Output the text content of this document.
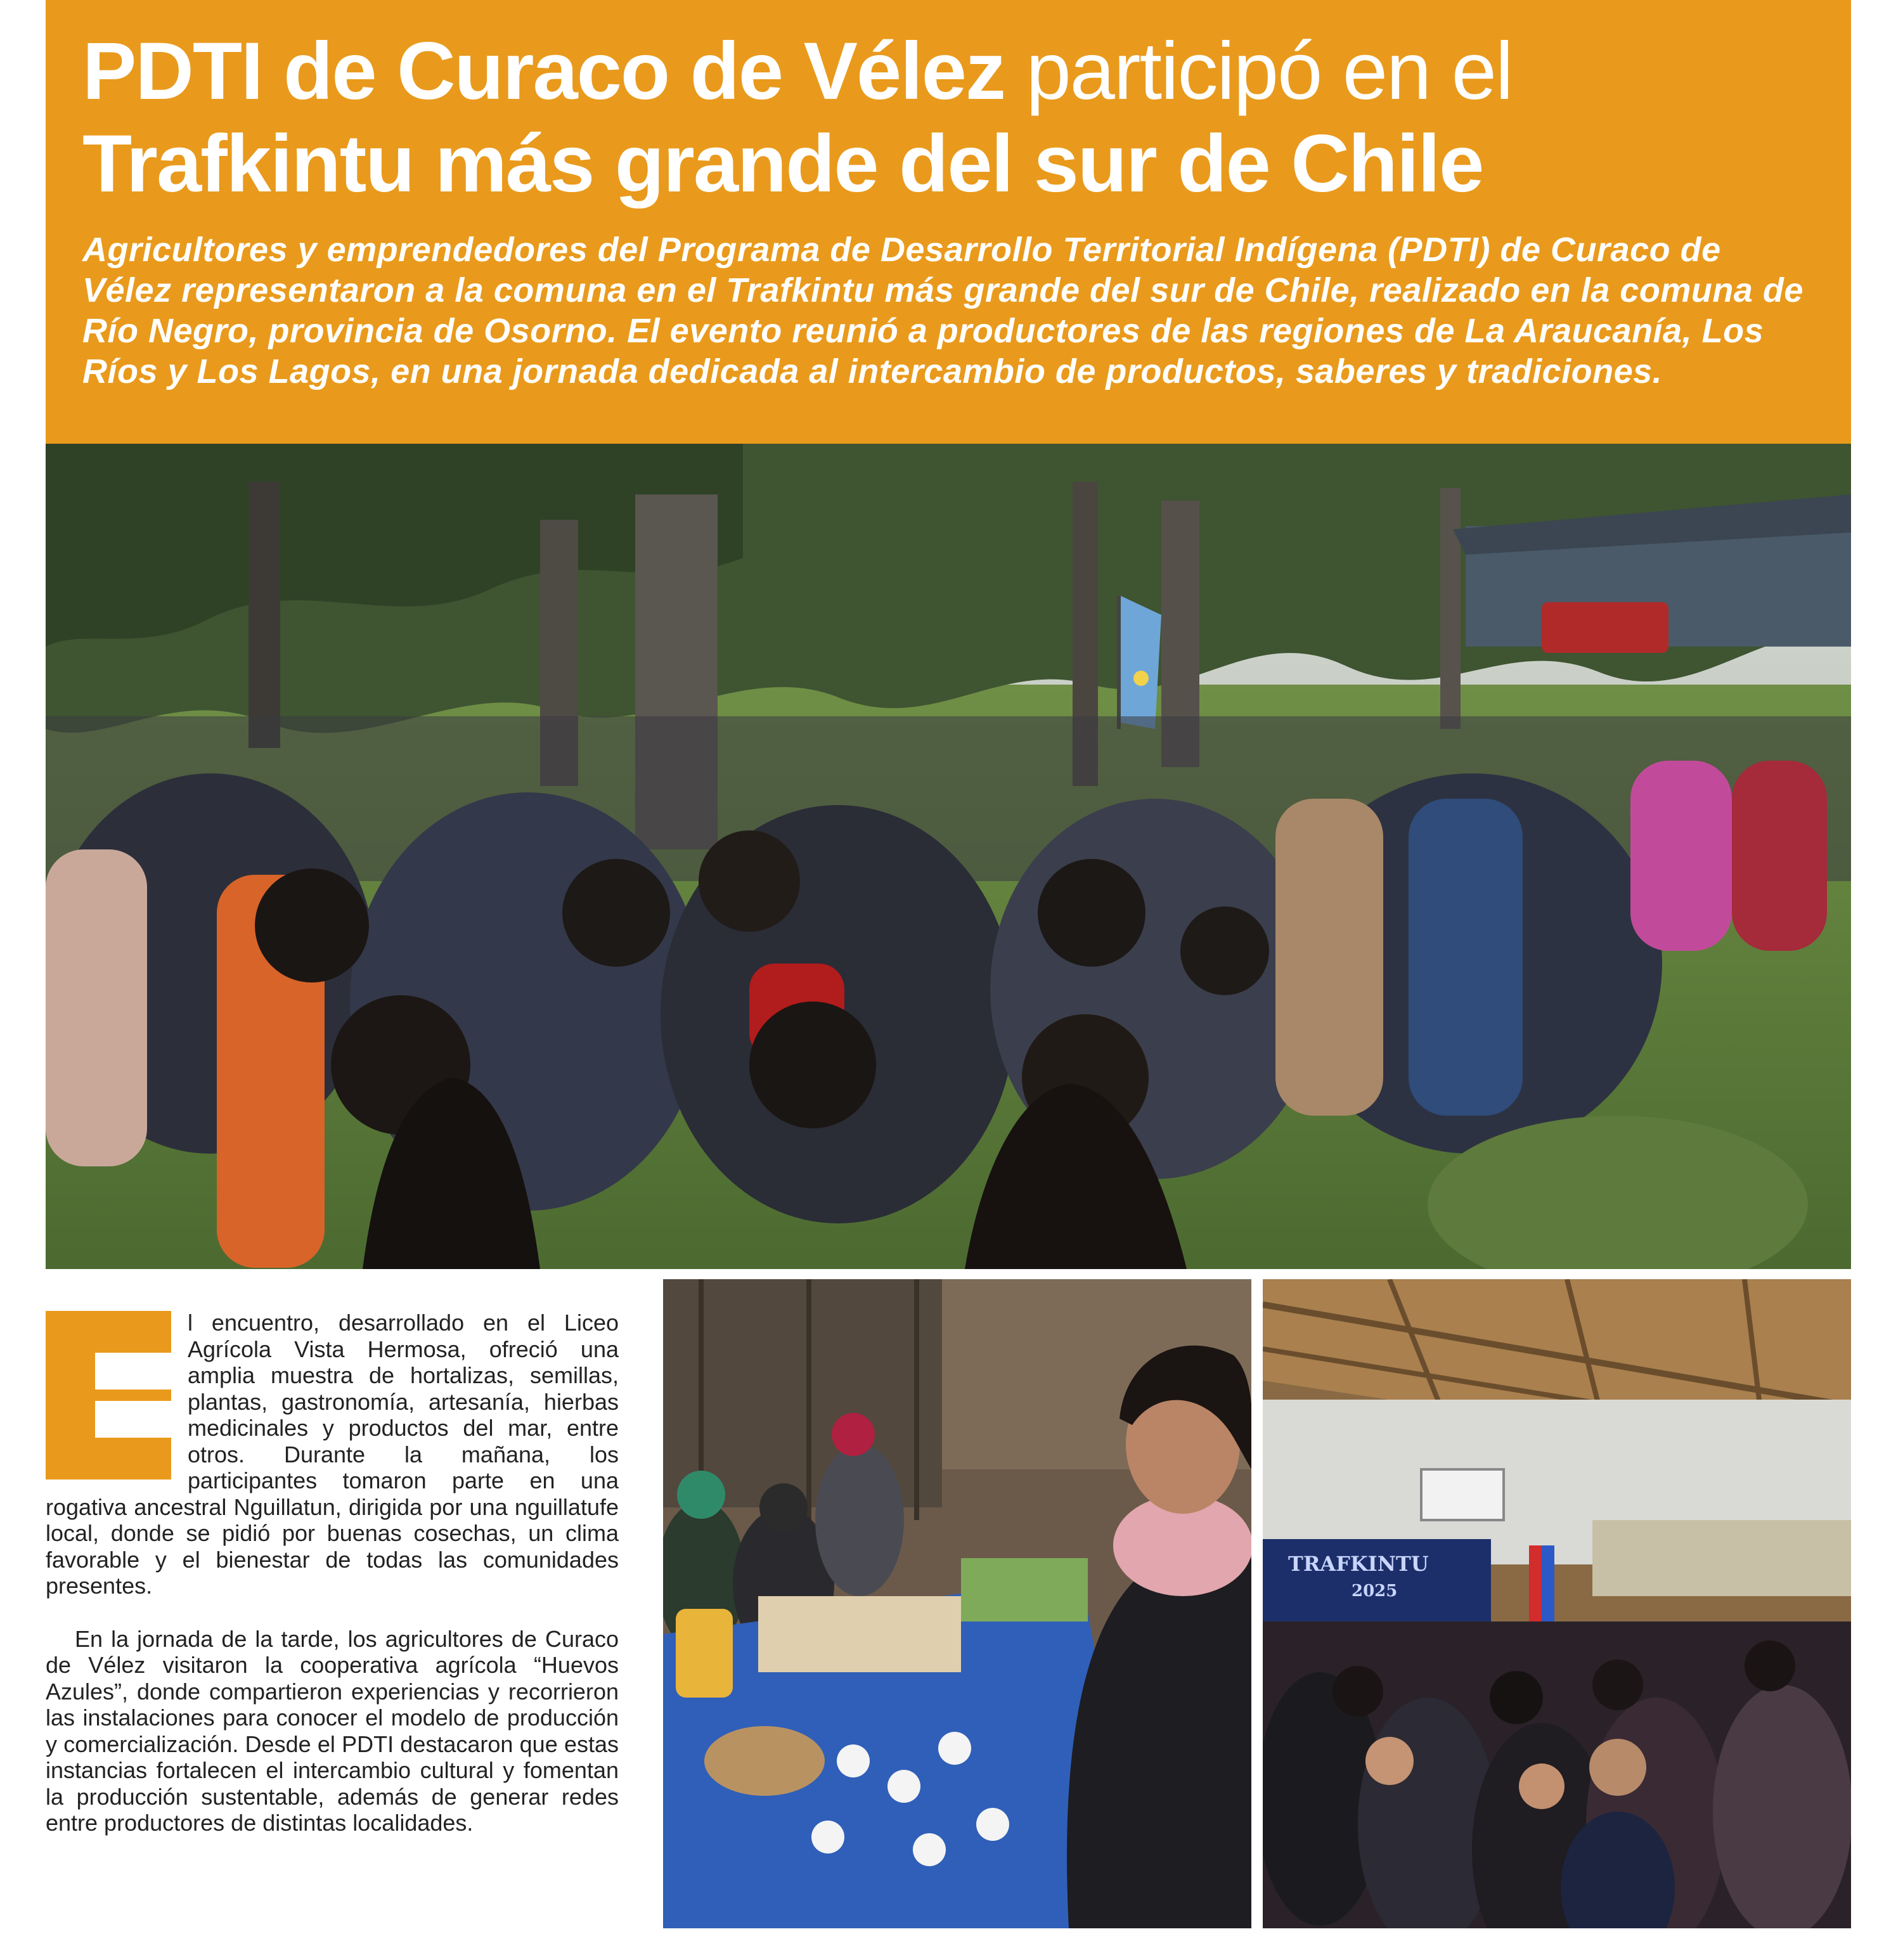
PDTI de Curaco de Vélez participó en el
Trafkintu más grande del sur de Chile

Agricultores y emprendedores del Programa de Desarrollo Territorial Indígena (PDTI) de Curaco de Vélez representaron a la comuna en el Trafkintu más grande del sur de Chile, realizado en la comuna de Río Negro, provincia de Osorno. El evento reunió a productores de las regiones de La Araucanía, Los Ríos y Los Lagos, en una jornada dedicada al intercambio de productos, saberes y tradiciones.

l encuentro, desarrollado en el Liceo Agrícola Vista Hermosa, ofreció una amplia muestra de hortalizas, semillas, plantas, gastronomía, artesanía, hierbas medicinales y productos del mar, entre otros. Durante la mañana, los participantes tomaron parte en una rogativa ancestral Nguillatun, dirigida por una nguillatufe local, donde se pidió por buenas cosechas, un clima favorable y el bienestar de todas las comunidades presentes.

En la jornada de la tarde, los agricultores de Curaco de Vélez visitaron la cooperativa agrícola “Huevos Azules”, donde compartieron experiencias y recorrieron las instalaciones para conocer el modelo de producción y comercialización. Desde el PDTI destacaron que estas instancias fortalecen el intercambio cultural y fomentan la producción sustentable, además de generar redes entre productores de distintas localidades.

TRAFKINTU
2025
